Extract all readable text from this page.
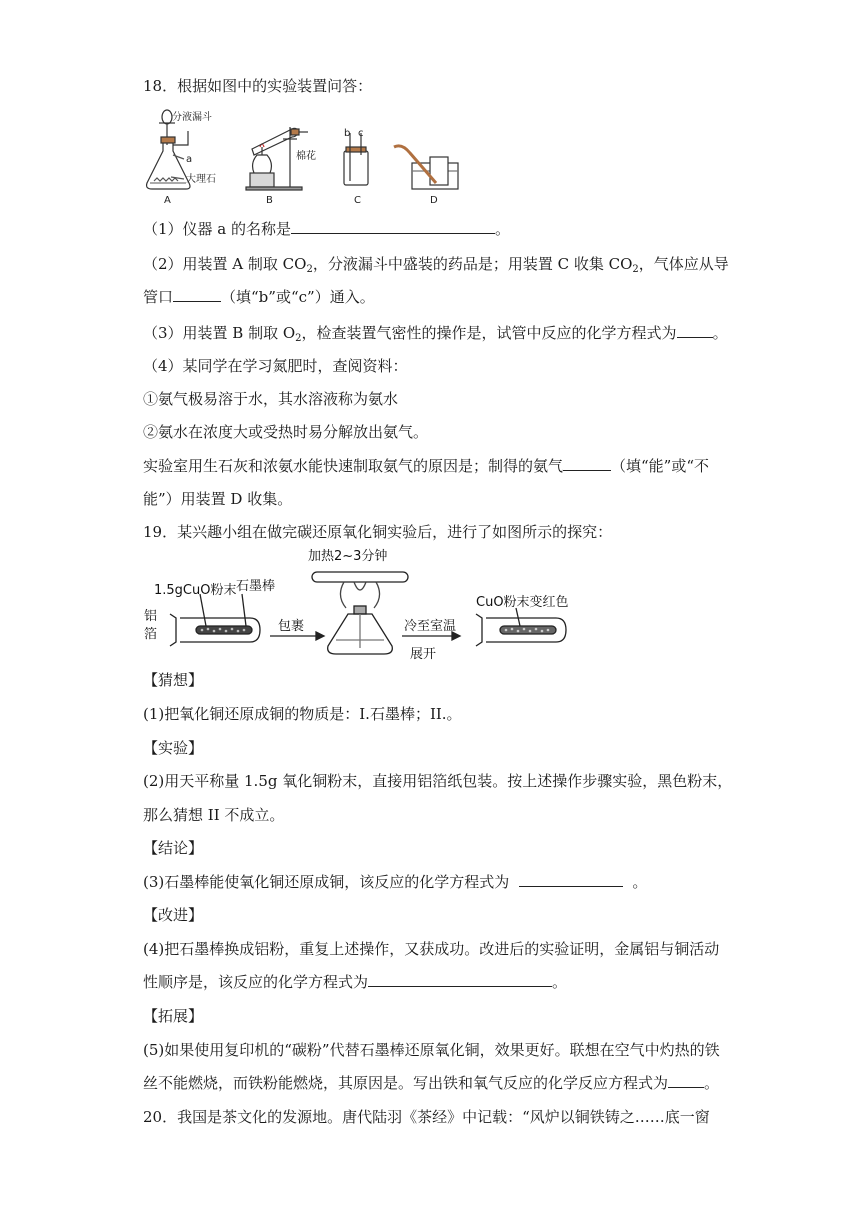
18．根据如图中的实验装置问答：
分液漏斗
a
大理石
A
棉花
B
b c
C	D
（1）仪器 a 的名称是	。
（2）用装置 A 制取 $CO_2$，分液漏斗中盛装的药品是；用装置 C 收集 $CO_2$，气体应从导
管口	（填“b”或“c”）通入。
（3）用装置 B 制取 $O_2$，检查装置气密性的操作是，试管中反应的化学方程式为 。
（4）某同学在学习氮肥时，查阅资料：
①氨气极易溶于水，其水溶液称为氨水
②氨水在浓度大或受热时易分解放出氨气。
实验室用生石灰和浓氨水能快速制取氨气的原因是；制得的氨气	（填“能”或“不
能”）用装置 D 收集。
19．某兴趣小组在做完碳还原氧化铜实验后，进行了如图所示的探究：
1.5gCuO粉末 石墨棒
铝
箔
包裹
加热2~3分钟
冷至室温
展开
CuO粉末变红色
【猜想】
(1)把氧化铜还原成铜的物质是：I.石墨棒；II.。
【实验】
(2)用天平称量 1.5g 氧化铜粉末，直接用铝箔纸包装。按上述操作步骤实验，黑色粉末，
那么猜想 II 不成立。
【结论】
(3)石墨棒能使氧化铜还原成铜，该反应的化学方程式为	。
【改进】
(4)把石墨棒换成铝粉，重复上述操作，又获成功。改进后的实验证明，金属铝与铜活动
性顺序是，该反应的化学方程式为	。
【拓展】
(5)如果使用复印机的“碳粉”代替石墨棒还原氧化铜，效果更好。联想在空气中灼热的铁
丝不能燃烧，而铁粉能燃烧，其原因是。写出铁和氧气反应的化学反应方程式为 。
20．我国是茶文化的发源地。唐代陆羽《茶经》中记载：“风炉以铜铁铸之……底一窗
